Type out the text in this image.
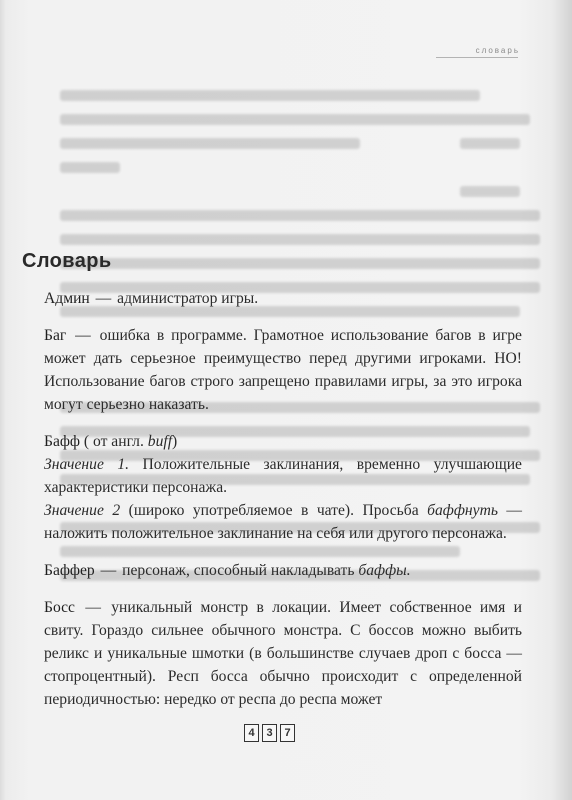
словарь
Словарь
Админ — администратор игры.
Баг — ошибка в программе. Грамотное использование багов в игре может дать серьезное преимущество перед другими игроками. НО! Использование багов строго запрещено правилами игры, за это игрока могут серьезно наказать.
Бафф ( от англ. buff)
Значение 1. Положительные заклинания, временно улучшающие характеристики персонажа.
Значение 2 (широко употребляемое в чате). Просьба баффнуть — наложить положительное заклинание на себя или другого персонажа.
Баффер — персонаж, способный накладывать баффы.
Босс — уникальный монстр в локации. Имеет собственное имя и свиту. Гораздо сильнее обычного монстра. С боссов можно выбить реликс и уникальные шмотки (в большинстве случаев дроп с босса — стопроцентный). Респ босса обычно происходит с определенной периодичностью: нередко от респа до респа может
4	3	7
